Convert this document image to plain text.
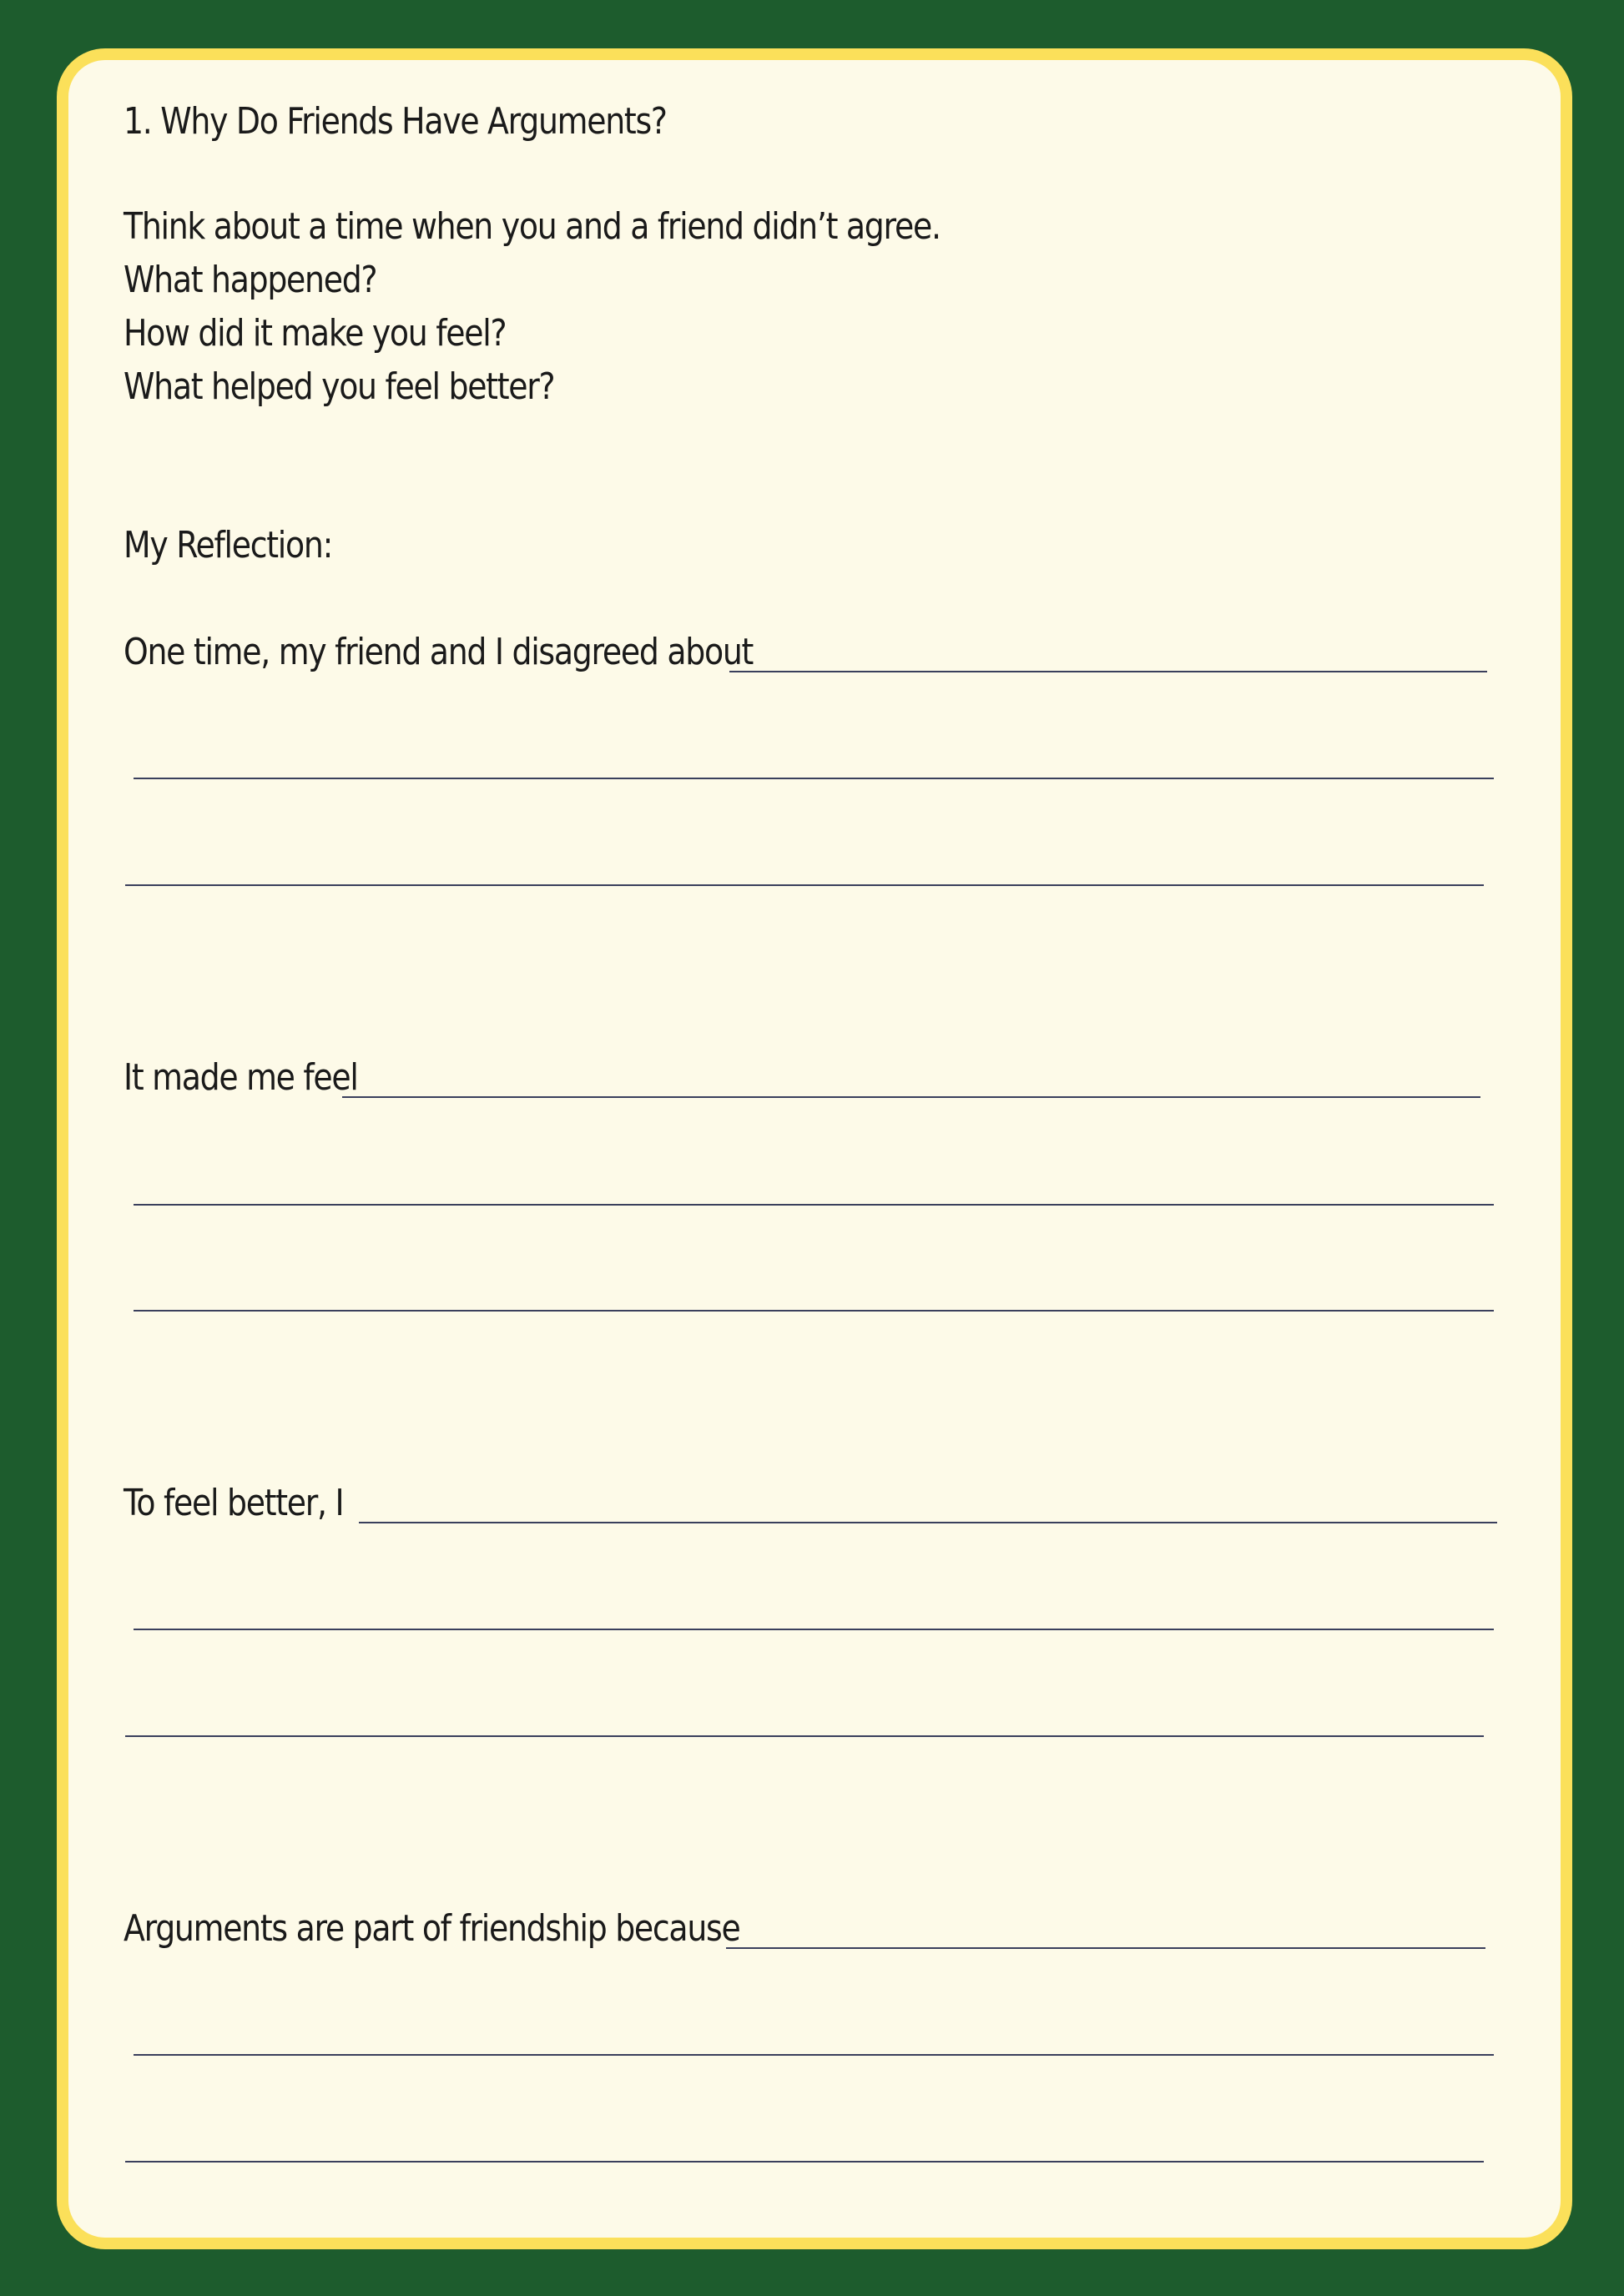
1. Why Do Friends Have Arguments?
Think about a time when you and a friend didn’t agree.
What happened?
How did it make you feel?
What helped you feel better?
My Reflection:
One time, my friend and I disagreed about
It made me feel
To feel better, I
Arguments are part of friendship because
